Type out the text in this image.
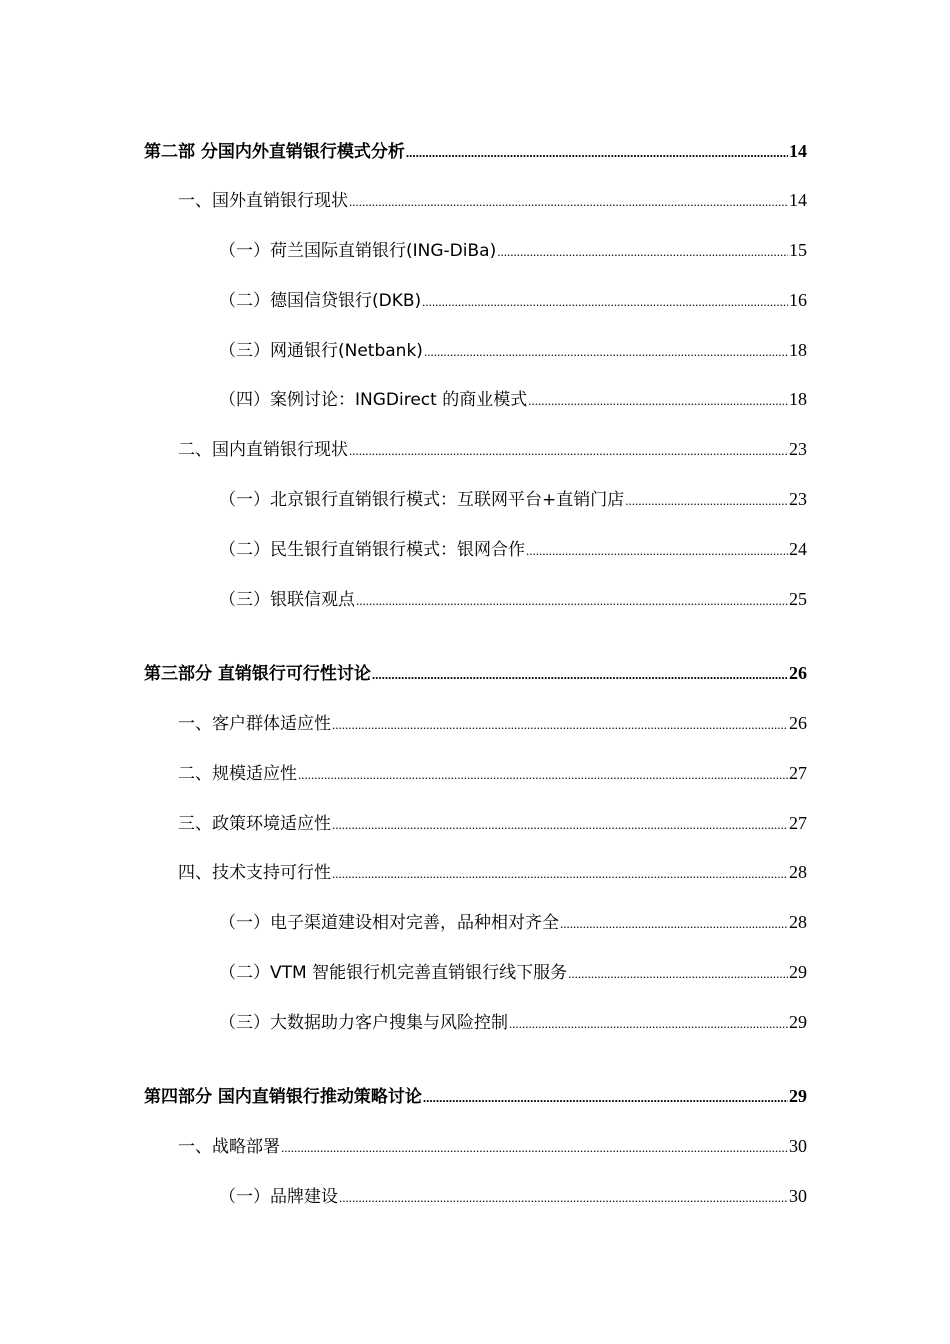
第二部 分国内外直销银行模式分析 .....	14
一、国外直销银行现状 .....	14
（一）荷兰国际直销银行(ING-DiBa) .....	15
（二）德国信贷银行(DKB) .....	16
（三）网通银行(Netbank) .....	18
（四）案例讨论：INGDirect 的商业模式 .....	18
二、国内直销银行现状 .....	23
（一）北京银行直销银行模式：互联网平台+直销门店 .....	23
（二）民生银行直销银行模式：银网合作 .....	24
（三）银联信观点 .....	25
第三部分 直销银行可行性讨论 .....	26
一、客户群体适应性 .....	26
二、规模适应性 .....	27
三、政策环境适应性 .....	27
四、技术支持可行性 .....	28
（一）电子渠道建设相对完善，品种相对齐全 .....	28
（二）VTM 智能银行机完善直销银行线下服务 .....	29
（三）大数据助力客户搜集与风险控制 .....	29
第四部分 国内直销银行推动策略讨论 .....	29
一、战略部署 .....	30
（一）品牌建设 .....	30
